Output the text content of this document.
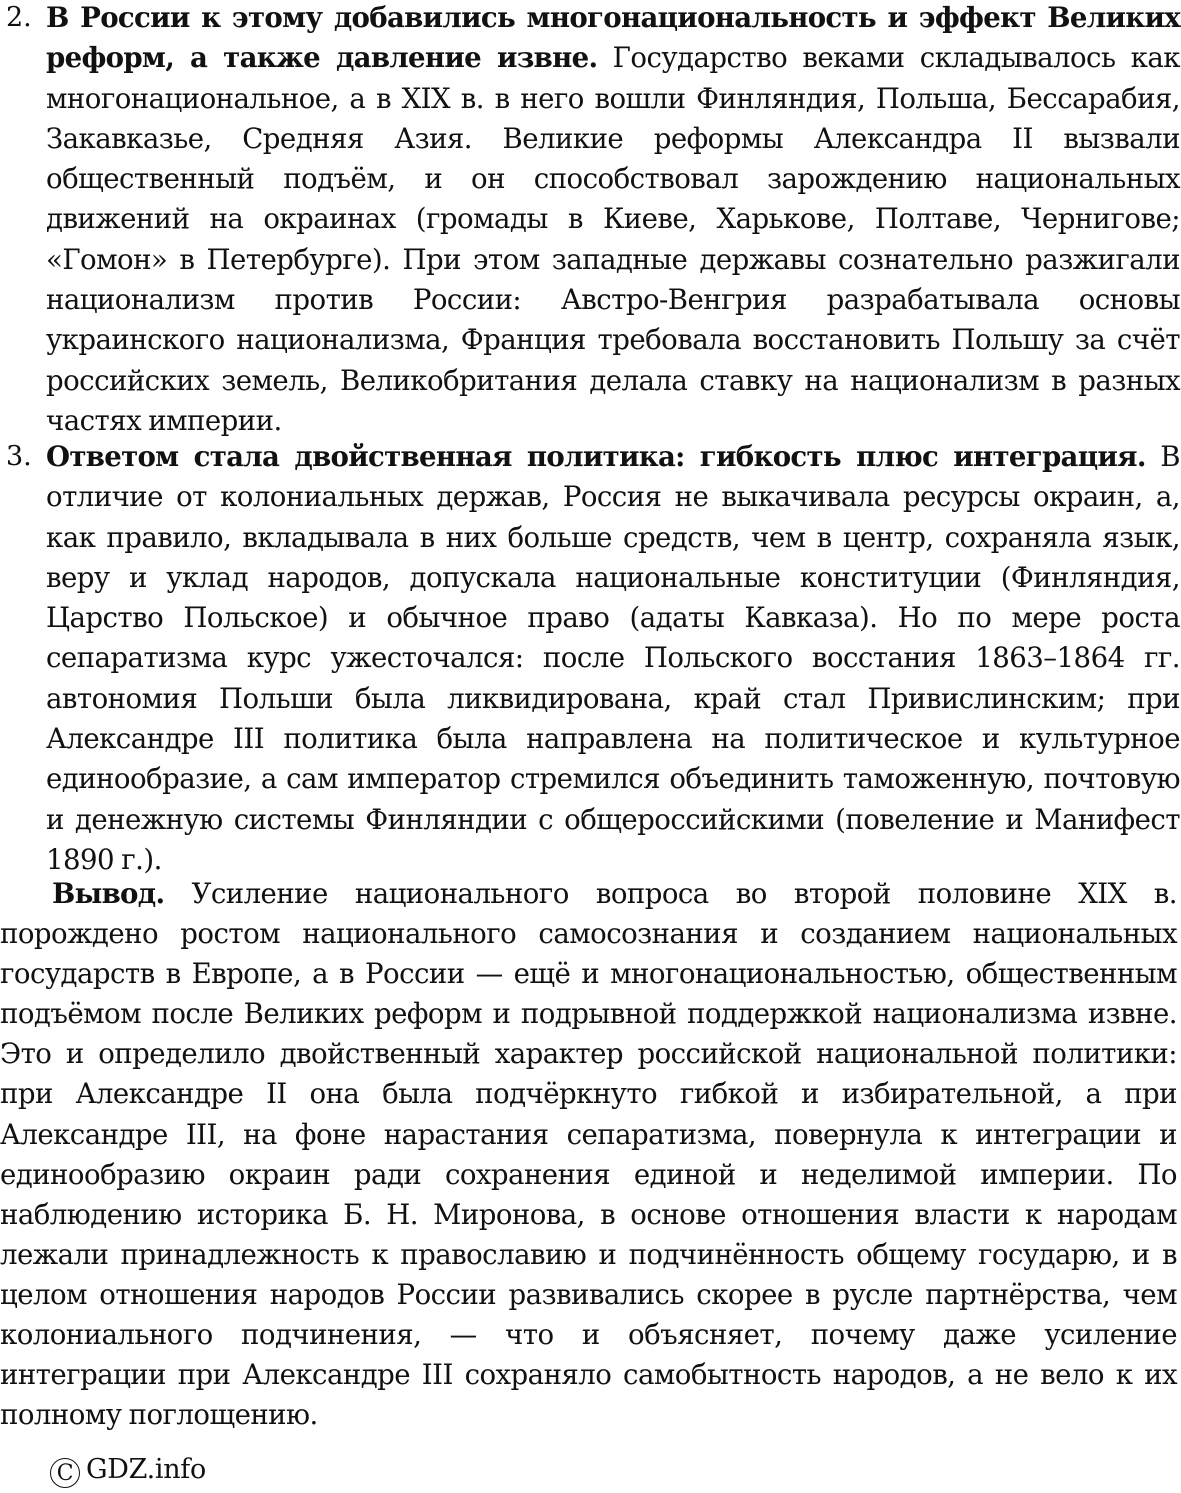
2. В России к этому добавились многонациональность и эффект Великих реформ, а также давление извне. Государство веками складывалось как многонациональное, а в XIX в. в него вошли Финляндия, Польша, Бессарабия, Закавказье, Средняя Азия. Великие реформы Александра II вызвали общественный подъём, и он способствовал зарождению национальных движений на окраинах (громады в Киеве, Харькове, Полтаве, Чернигове; «Гомон» в Петербурге). При этом западные державы сознательно разжигали национализм против России: Австро-Венгрия разрабатывала основы украинского национализма, Франция требовала восстановить Польшу за счёт российских земель, Великобритания делала ставку на национализм в разных частях империи.
3. Ответом стала двойственная политика: гибкость плюс интеграция. В отличие от колониальных держав, Россия не выкачивала ресурсы окраин, а, как правило, вкладывала в них больше средств, чем в центр, сохраняла язык, веру и уклад народов, допускала национальные конституции (Финляндия, Царство Польское) и обычное право (адаты Кавказа). Но по мере роста сепаратизма курс ужесточался: после Польского восстания 1863–1864 гг. автономия Польши была ликвидирована, край стал Привислинским; при Александре III политика была направлена на политическое и культурное единообразие, а сам император стремился объединить таможенную, почтовую и денежную системы Финляндии с общероссийскими (повеление и Манифест 1890 г.).

Вывод. Усиление национального вопроса во второй половине XIX в. порождено ростом национального самосознания и созданием национальных государств в Европе, а в России — ещё и многонациональностью, общественным подъёмом после Великих реформ и подрывной поддержкой национализма извне. Это и определило двойственный характер российской национальной политики: при Александре II она была подчёркнуто гибкой и избирательной, а при Александре III, на фоне нарастания сепаратизма, повернула к интеграции и единообразию окраин ради сохранения единой и неделимой империи. По наблюдению историка Б. Н. Миронова, в основе отношения власти к народам лежали принадлежность к православию и подчинённость общему государю, и в целом отношения народов России развивались скорее в русле партнёрства, чем колониального подчинения, — что и объясняет, почему даже усиление интеграции при Александре III сохраняло самобытность народов, а не вело к их полному поглощению.

C GDZ.info
